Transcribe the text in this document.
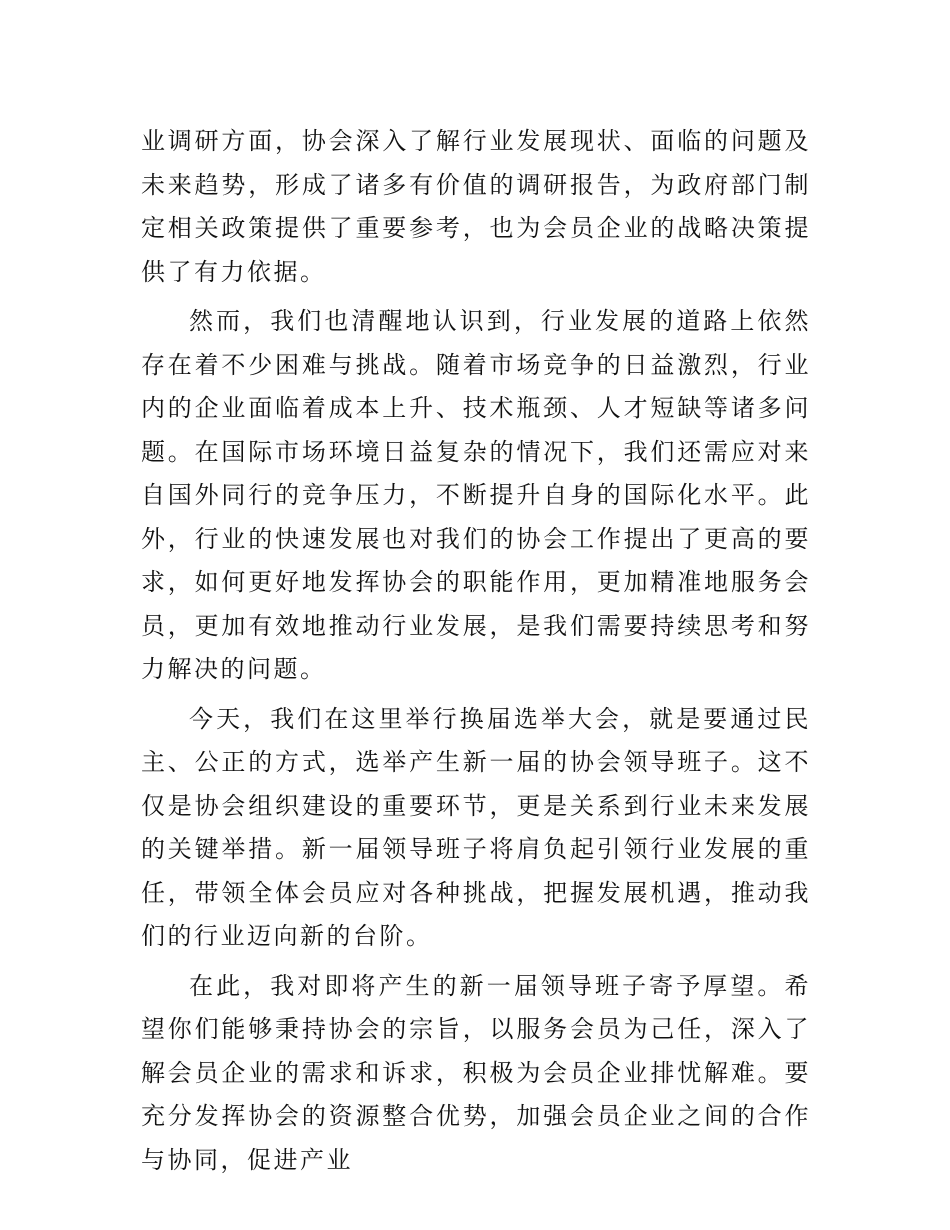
业调研方面，协会深入了解行业发展现状、面临的问题及未来趋势，形成了诸多有价值的调研报告，为政府部门制定相关政策提供了重要参考，也为会员企业的战略决策提供了有力依据。

然而，我们也清醒地认识到，行业发展的道路上依然存在着不少困难与挑战。随着市场竞争的日益激烈，行业内的企业面临着成本上升、技术瓶颈、人才短缺等诸多问题。在国际市场环境日益复杂的情况下，我们还需应对来自国外同行的竞争压力，不断提升自身的国际化水平。此外，行业的快速发展也对我们的协会工作提出了更高的要求，如何更好地发挥协会的职能作用，更加精准地服务会员，更加有效地推动行业发展，是我们需要持续思考和努力解决的问题。

今天，我们在这里举行换届选举大会，就是要通过民主、公正的方式，选举产生新一届的协会领导班子。这不仅是协会组织建设的重要环节，更是关系到行业未来发展的关键举措。新一届领导班子将肩负起引领行业发展的重任，带领全体会员应对各种挑战，把握发展机遇，推动我们的行业迈向新的台阶。

在此，我对即将产生的新一届领导班子寄予厚望。希望你们能够秉持协会的宗旨，以服务会员为己任，深入了解会员企业的需求和诉求，积极为会员企业排忧解难。要充分发挥协会的资源整合优势，加强会员企业之间的合作与协同，促进产业
